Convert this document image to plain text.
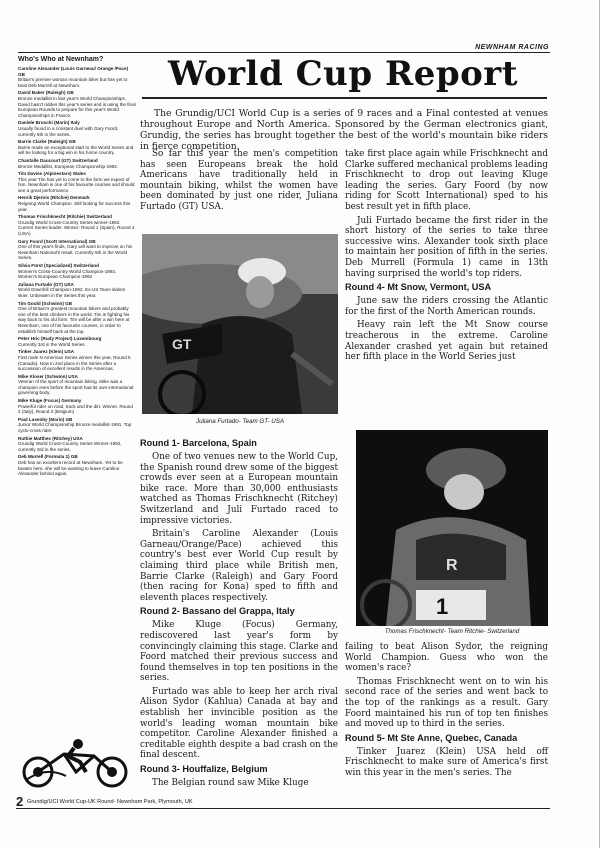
NEWNHAM RACING
Who's Who at Newnham?
Caroline Alexander (Louis Garneau/ Orange /Pace) GB
Britain's premier woman mountain biker but has yet to beat Deb Murrell at Newnham.
David Baker (Raleigh) GB
Bronze medallist in last year's World Championships, David hasn't ridden this year's series and is using the final European Rounds to prepare for this year's World Championships in France.
Daniele Bruschi (Marin) Italy
Usually found in a constant duel with Gary Foord, currently 8th in the series.
Barrie Clarke (Raleigh) GB
Barrie made an exceptional start to the World Series and will be looking for a big win in his home country.
Chantalle Daucourt (GT) Switzerland
Bronze Medallist, European Championship-1992.
Tim Davies (Alpinestars) Wales
This year Tim has yet to come to the form we expect of him. Newnham is one of his favourite courses and should see a great performance.
Henrik Djernis (Ritchie) Denmark
Reigning World Champion. Still looking for success this year.
Thomas Frischknecht (Ritchie) Switzerland
Grundig World Cross-Country Series winner-1992. Current Series leader. Winner: Round 1 (Spain), Round 4 (USA)
Gary Foord (Scott International) GB
One of this year's finds, Gary will want to improve on his Newnham National's result. Currently 5th in the World Series.
Silvia Fürst (Specialized) Switzerland
Women's Cross-Country World Champion-1992, Women's European Champion-1992
Juliana Furtado (GT) USA
World Downhill Champion-1992. Ex-US Team slalom skier. Unbeaten in the Series this year.
Tim Gould (Schwinn) GB
One of Britain's greatest mountain bikers and probably one of the best climbers in the world. Tim is fighting his way back to his old form. Tim will be after a win here at Newnham, one of his favourite courses, in order to establish himself back at the top.
Peter Hric (Rudy Project) Luxembourg
Currently 3rd in the World Series.
Tinker Juarez (Klein) USA
First male N American Series winner this year, Round 5 (Canada). Now in 2nd place in the Series after a succession of excellent results in the Americas.
Mike Kloser (Schwinn) USA
Veteran of the sport of mountain biking. Mike was a champion even before the sport had its own international governing body.
Mike Kluge (Focus) Germany
Powerful rider on road, track and the dirt. Winner, Round 2 (Italy), Round 3 (Belgium)
Paul Lasenby (Marin) GB
Junior World Championship Bronze medallist-1991. Top cyclo-cross rider.
Ruthie Matthes (Ritchey) USA
Grundig World Cross-Country Series Winner-1992, currently 3rd in the series.
Deb Murrell (Formula 1) GB
Deb has an excellent record at Newnham. Yet to be beaten here, she will be wanting to leave Caroline Alexander behind again.
World Cup Report
The Grundig/UCI World Cup is a series of 9 races and a Final contested at venues throughout Europe and North America. Sponsored by the German electronics giant, Grundig, the series has brought together the best of the world's mountain bike riders in fierce competition.

So far this year the men's competition has seen Europeans break the hold Americans have traditionally held in mountain biking, whilst the women have been dominated by just one rider, Juliana Furtado (GT) USA.

GT
Juliana Furtado- Team GT- USA
Round 1- Barcelona, Spain

One of two venues new to the World Cup, the Spanish round drew some of the biggest crowds ever seen at a European mountain bike race. More than 30,000 enthusiasts watched as Thomas Frischknecht (Ritchey) Switzerland and Juli Furtado raced to impressive victories.

Britain's Caroline Alexander (Louis Garneau/Orange/Pace) achieved this country's best ever World Cup result by claiming third place while British men, Barrie Clarke (Raleigh) and Gary Foord (then racing for Kona) sped to fifth and eleventh places respectively.

Round 2- Bassano del Grappa, Italy

Mike Kluge (Focus) Germany, rediscovered last year's form by convincingly claiming this stage. Clarke and Foord matched their previous success and found themselves in top ten positions in the series.

Furtado was able to keep her arch rival Alison Sydor (Kahlua) Canada at bay and establish her invincible position as the world's leading woman mountain bike competitor. Caroline Alexander finished a creditable eighth despite a bad crash on the final descent.

Round 3- Houffalize, Belgium

The Belgian round saw Mike Kluge

take first place again while Frischknecht and Clarke suffered mechanical problems leading Frischknecht to drop out leaving Kluge leading the series. Gary Foord (by now riding for Scott International) sped to his best result yet in fifth place.

Juli Furtado became the first rider in the short history of the series to take three successive wins. Alexander took sixth place to maintain her position of fifth in the series. Deb Murrell (Formula 1) came in 13th having surprised the world's top riders.

Round 4- Mt Snow, Vermont, USA

June saw the riders crossing the Atlantic for the first of the North American rounds.

Heavy rain left the Mt Snow course treacherous in the extreme. Caroline Alexander crashed yet again but retained her fifth place in the World Series just

R
1
Thomas Frischknecht- Team Ritchie- Switzerland

failing to beat Alison Sydor, the reigning World Champion. Guess who won the women's race?

Thomas Frischknecht went on to win his second race of the series and went back to the top of the rankings as a result. Gary Foord maintained his run of top ten finishes and moved up to third in the series.

Round 5- Mt Ste Anne, Quebec, Canada

Tinker Juarez (Klein) USA held off Frischknecht to make sure of America's first win this year in the men's series. The

2 Grundig/UCI World Cup-UK Round- Newnham Park, Plymouth, UK
